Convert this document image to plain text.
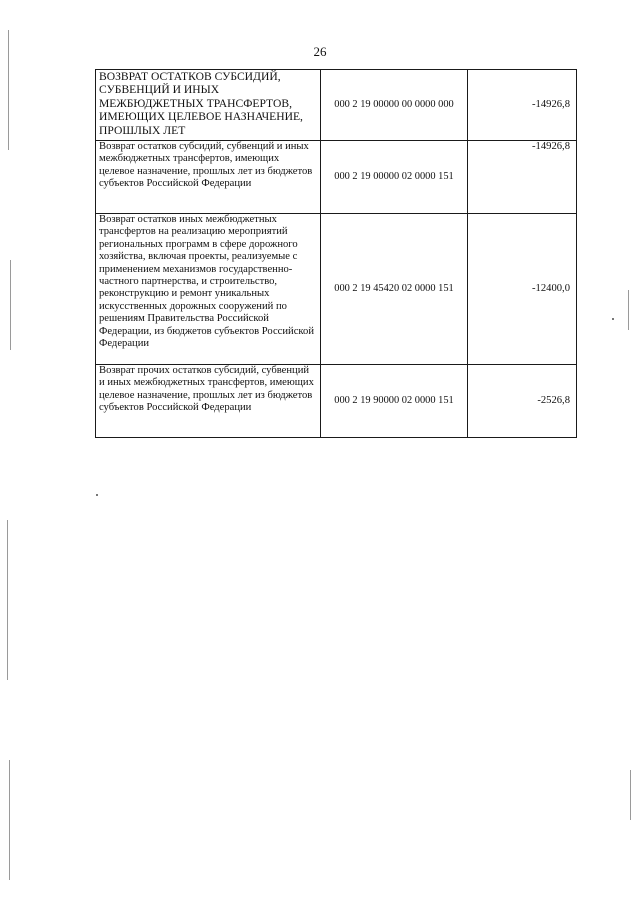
26
ВОЗВРАТ ОСТАТКОВ СУБСИДИЙ, СУБВЕНЦИЙ И ИНЫХ МЕЖБЮДЖЕТНЫХ ТРАНСФЕРТОВ, ИМЕЮЩИХ ЦЕЛЕВОЕ НАЗНАЧЕНИЕ, ПРОШЛЫХ ЛЕТ	000 2 19 00000 00 0000 000	-14926,8
Возврат остатков субсидий, субвенций и иных межбюджетных трансфертов, имеющих целевое назначение, прошлых лет из бюджетов субъектов Российской Федерации	000 2 19 00000 02 0000 151	-14926,8
Возврат остатков иных межбюджетных трансфертов на реализацию мероприятий региональных программ в сфере дорожного хозяйства, включая проекты, реализуемые с применением механизмов государственно-частного партнерства, и строительство, реконструкцию и ремонт уникальных искусственных дорожных сооружений по решениям Правительства Российской Федерации, из бюджетов субъектов Российской Федерации	000 2 19 45420 02 0000 151	-12400,0
Возврат прочих остатков субсидий, субвенций и иных межбюджетных трансфертов, имеющих целевое назначение, прошлых лет из бюджетов субъектов Российской Федерации	000 2 19 90000 02 0000 151	-2526,8
